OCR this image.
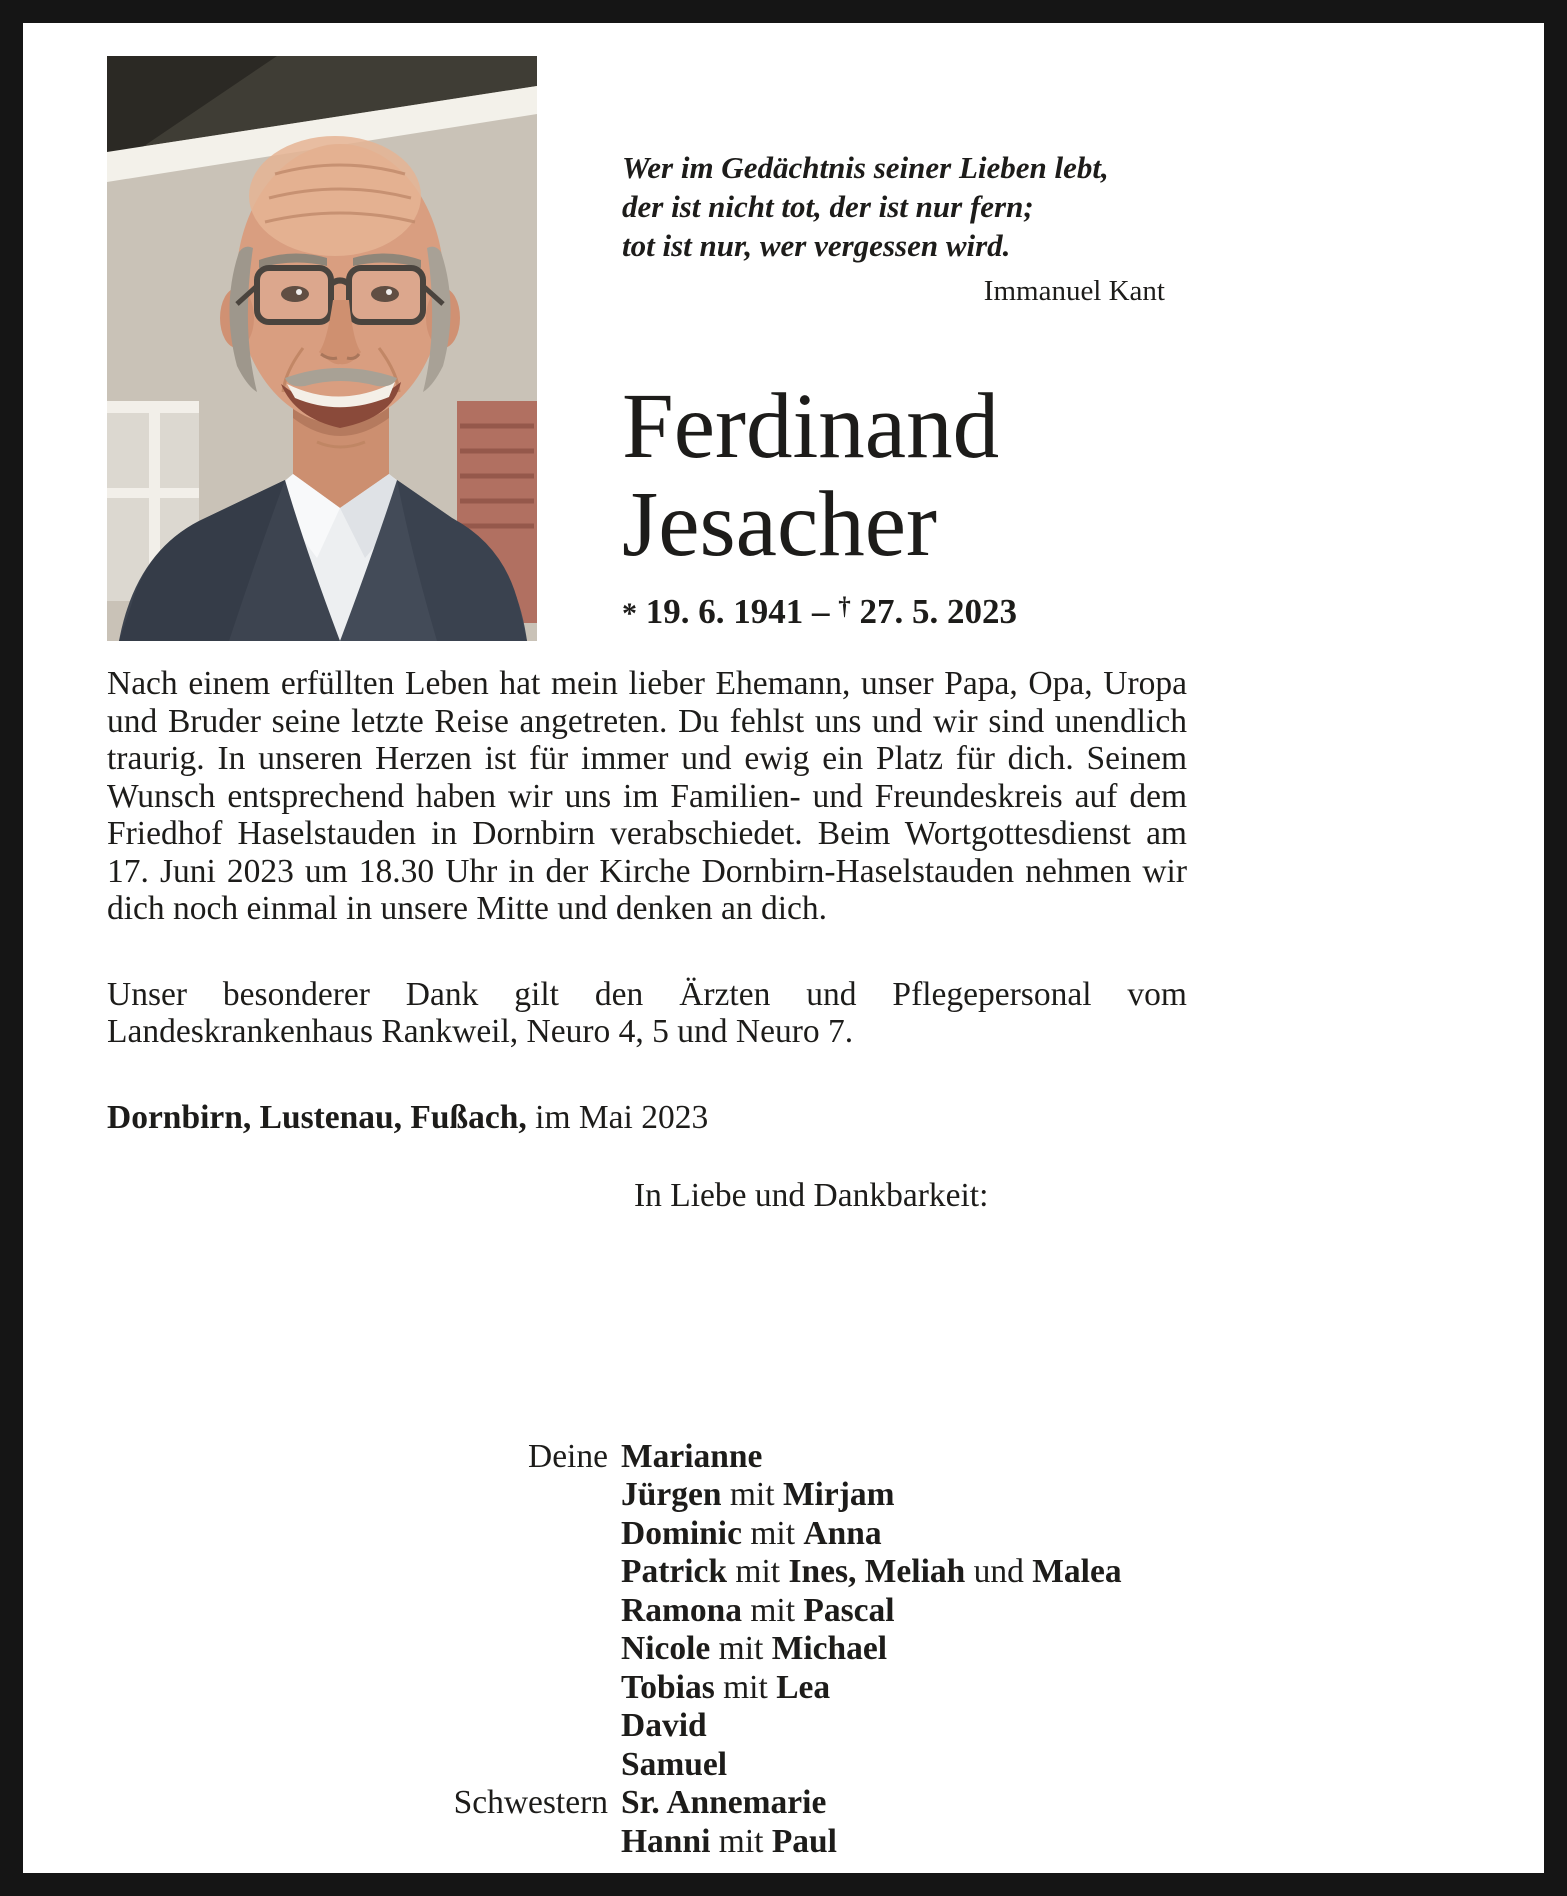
Wer im Gedächtnis seiner Lieben lebt,
der ist nicht tot, der ist nur fern;
tot ist nur, wer vergessen wird.
Immanuel Kant
Ferdinand
Jesacher
* 19. 6. 1941 – † 27. 5. 2023

Nach einem erfüllten Leben hat mein lieber Ehemann, unser Papa, Opa, Uropa und Bruder seine letzte Reise angetreten. Du fehlst uns und wir sind unendlich traurig. In unseren Herzen ist für immer und ewig ein Platz für dich. Seinem Wunsch entsprechend haben wir uns im Familien- und Freundeskreis auf dem Friedhof Haselstauden in Dornbirn verabschiedet. Beim Wortgottesdienst am 17. Juni 2023 um 18.30 Uhr in der Kirche Dornbirn-Haselstauden nehmen wir dich noch einmal in unsere Mitte und denken an dich.

Unser besonderer Dank gilt den Ärzten und Pflegepersonal vom Landeskrankenhaus Rankweil, Neuro 4, 5 und Neuro 7.

Dornbirn, Lustenau, Fußach, im Mai 2023

In Liebe und Dankbarkeit:

Deine Marianne
Jürgen mit Mirjam
Dominic mit Anna
Patrick mit Ines, Meliah und Malea
Ramona mit Pascal
Nicole mit Michael
Tobias mit Lea
David
Samuel
Schwestern Sr. Annemarie
Hanni mit Paul
